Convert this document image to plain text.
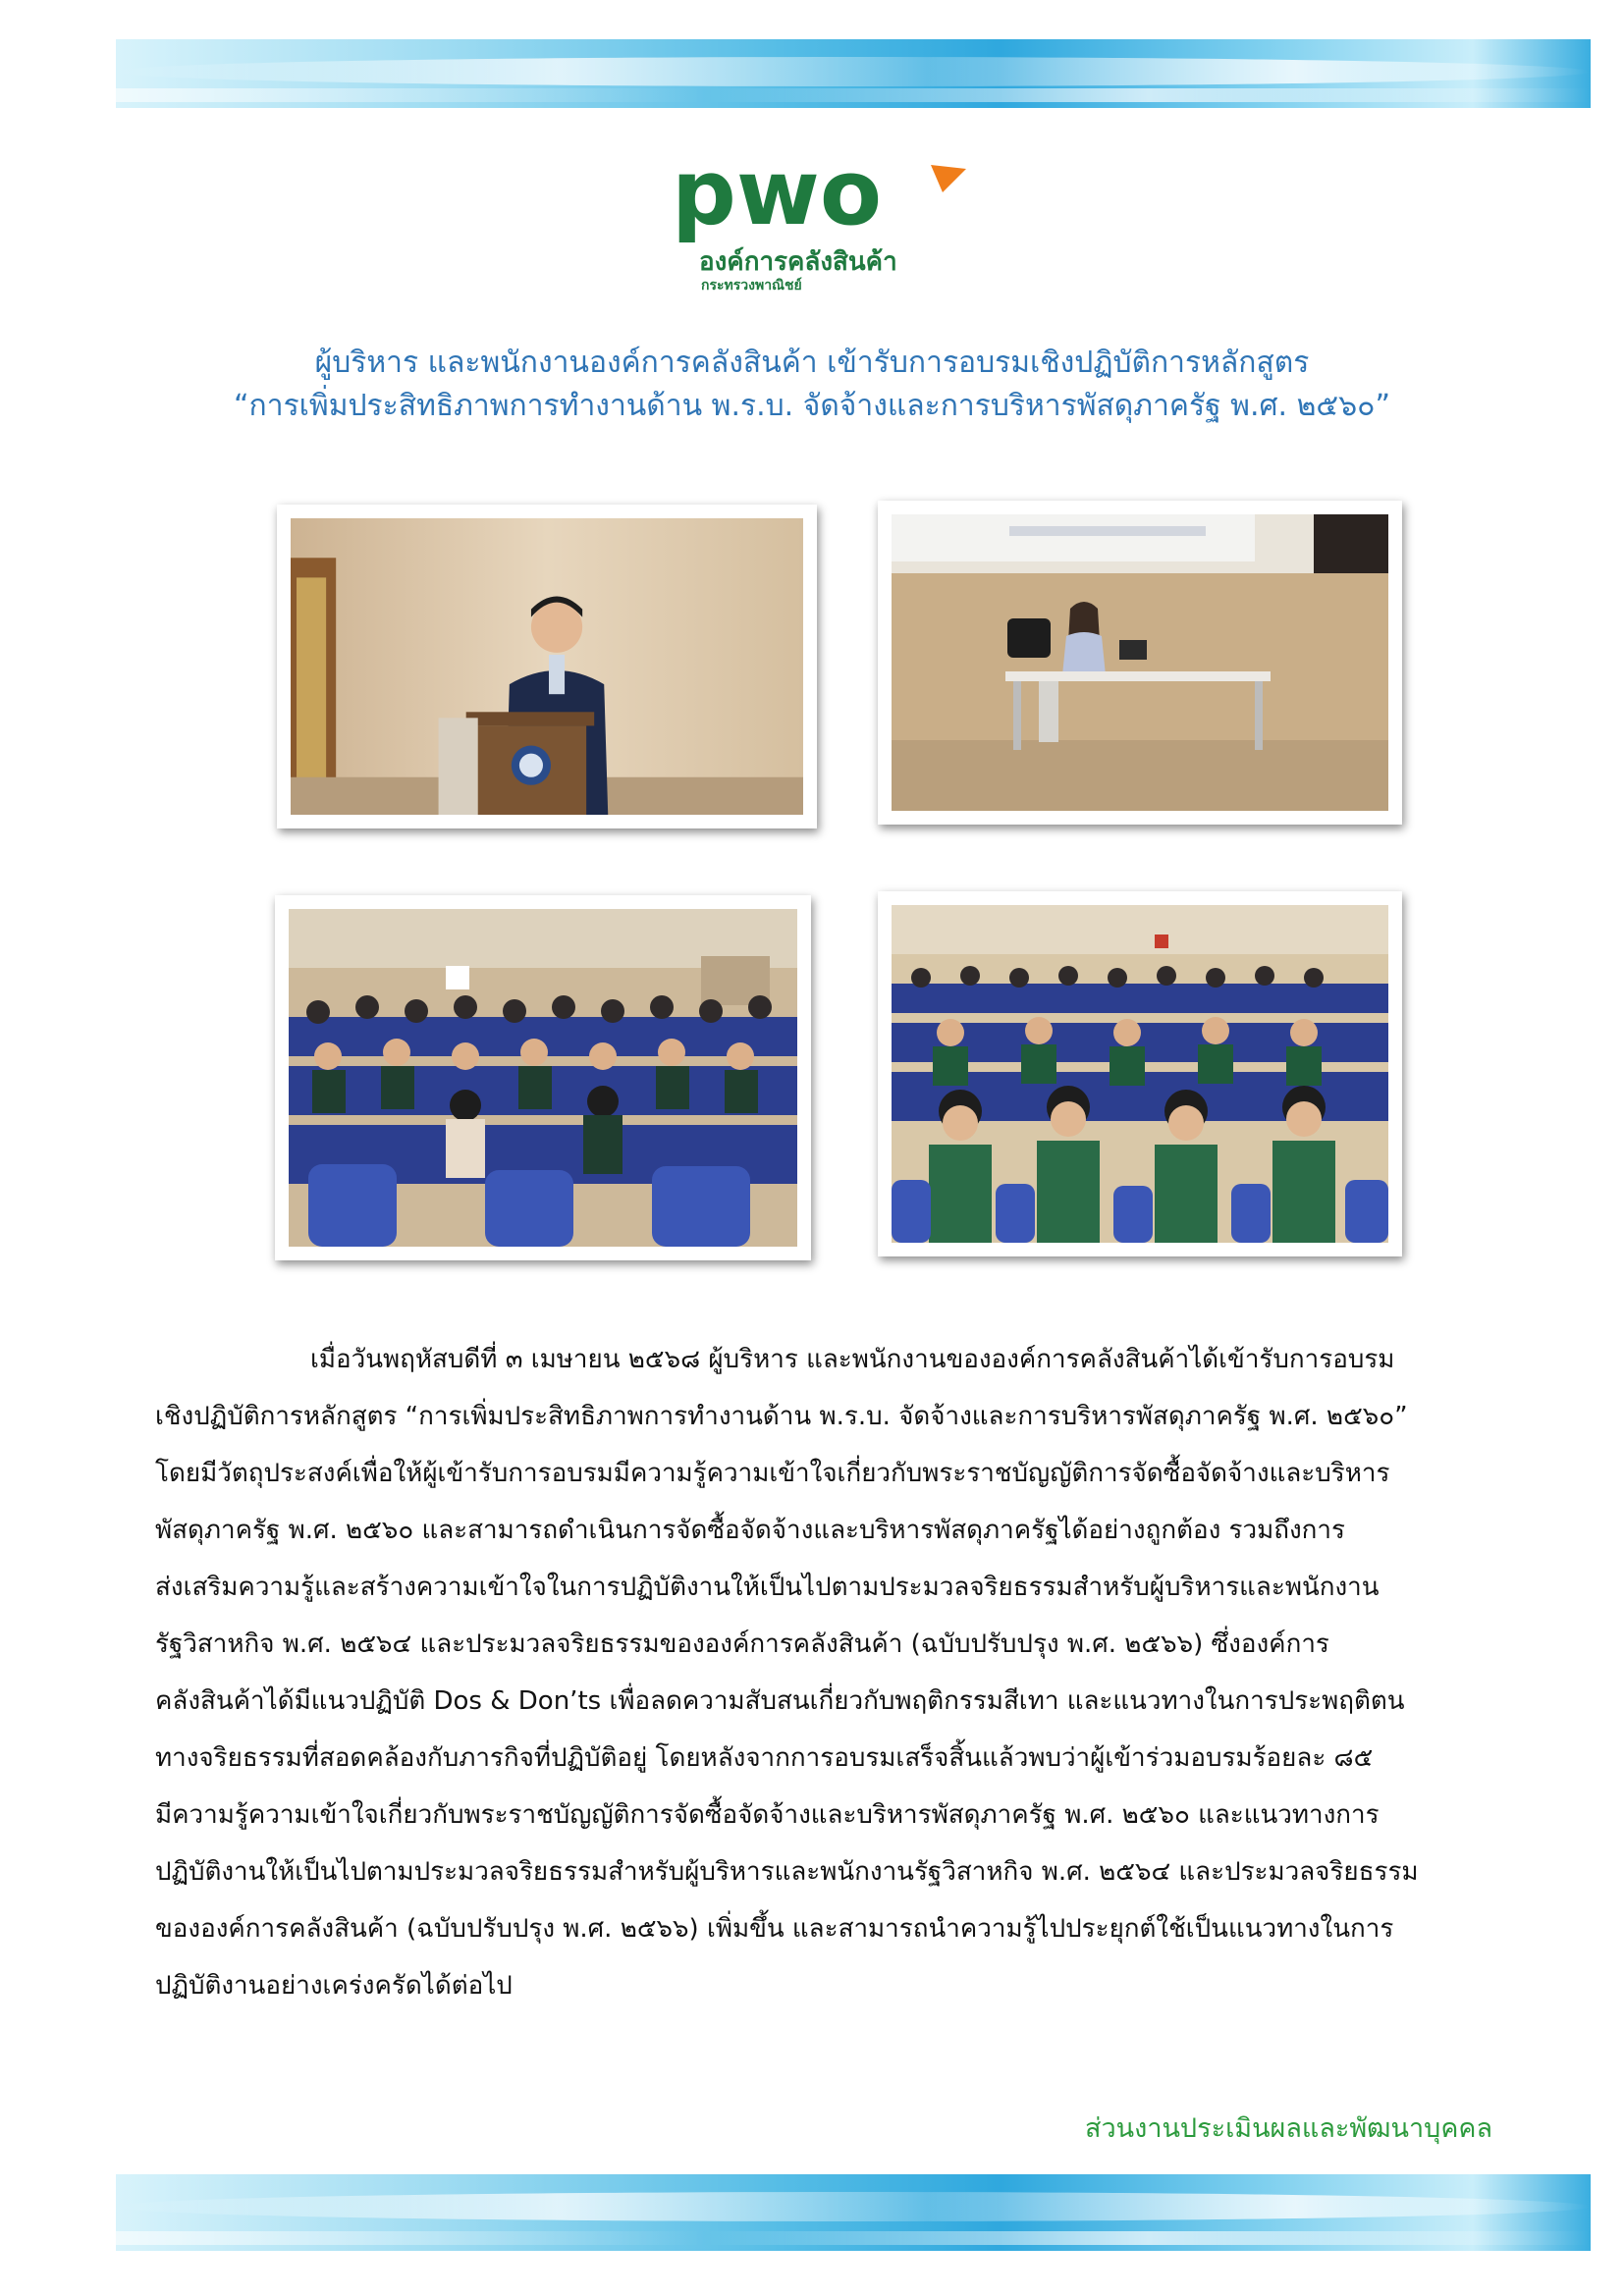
pwo
องค์การคลังสินค้า
กระทรวงพาณิชย์
ผู้บริหาร และพนักงานองค์การคลังสินค้า เข้ารับการอบรมเชิงปฏิบัติการหลักสูตร
“การเพิ่มประสิทธิภาพการทำงานด้าน พ.ร.บ. จัดจ้างและการบริหารพัสดุภาครัฐ พ.ศ. ๒๕๖๐”
เมื่อวันพฤหัสบดีที่ ๓ เมษายน ๒๕๖๘ ผู้บริหาร และพนักงานขององค์การคลังสินค้าได้เข้ารับการอบรม
เชิงปฏิบัติการหลักสูตร “การเพิ่มประสิทธิภาพการทำงานด้าน พ.ร.บ. จัดจ้างและการบริหารพัสดุภาครัฐ พ.ศ. ๒๕๖๐”
โดยมีวัตถุประสงค์เพื่อให้ผู้เข้ารับการอบรมมีความรู้ความเข้าใจเกี่ยวกับพระราชบัญญัติการจัดซื้อจัดจ้างและบริหาร
พัสดุภาครัฐ พ.ศ. ๒๕๖๐ และสามารถดำเนินการจัดซื้อจัดจ้างและบริหารพัสดุภาครัฐได้อย่างถูกต้อง รวมถึงการ
ส่งเสริมความรู้และสร้างความเข้าใจในการปฏิบัติงานให้เป็นไปตามประมวลจริยธรรมสำหรับผู้บริหารและพนักงาน
รัฐวิสาหกิจ พ.ศ. ๒๕๖๔ และประมวลจริยธรรมขององค์การคลังสินค้า (ฉบับปรับปรุง พ.ศ. ๒๕๖๖) ซึ่งองค์การ
คลังสินค้าได้มีแนวปฏิบัติ Dos & Don’ts เพื่อลดความสับสนเกี่ยวกับพฤติกรรมสีเทา และแนวทางในการประพฤติตน
ทางจริยธรรมที่สอดคล้องกับภารกิจที่ปฏิบัติอยู่ โดยหลังจากการอบรมเสร็จสิ้นแล้วพบว่าผู้เข้าร่วมอบรมร้อยละ ๘๕
มีความรู้ความเข้าใจเกี่ยวกับพระราชบัญญัติการจัดซื้อจัดจ้างและบริหารพัสดุภาครัฐ พ.ศ. ๒๕๖๐ และแนวทางการ
ปฏิบัติงานให้เป็นไปตามประมวลจริยธรรมสำหรับผู้บริหารและพนักงานรัฐวิสาหกิจ พ.ศ. ๒๕๖๔ และประมวลจริยธรรม
ขององค์การคลังสินค้า (ฉบับปรับปรุง พ.ศ. ๒๕๖๖) เพิ่มขึ้น และสามารถนำความรู้ไปประยุกต์ใช้เป็นแนวทางในการ
ปฏิบัติงานอย่างเคร่งครัดได้ต่อไป
ส่วนงานประเมินผลและพัฒนาบุคคล
